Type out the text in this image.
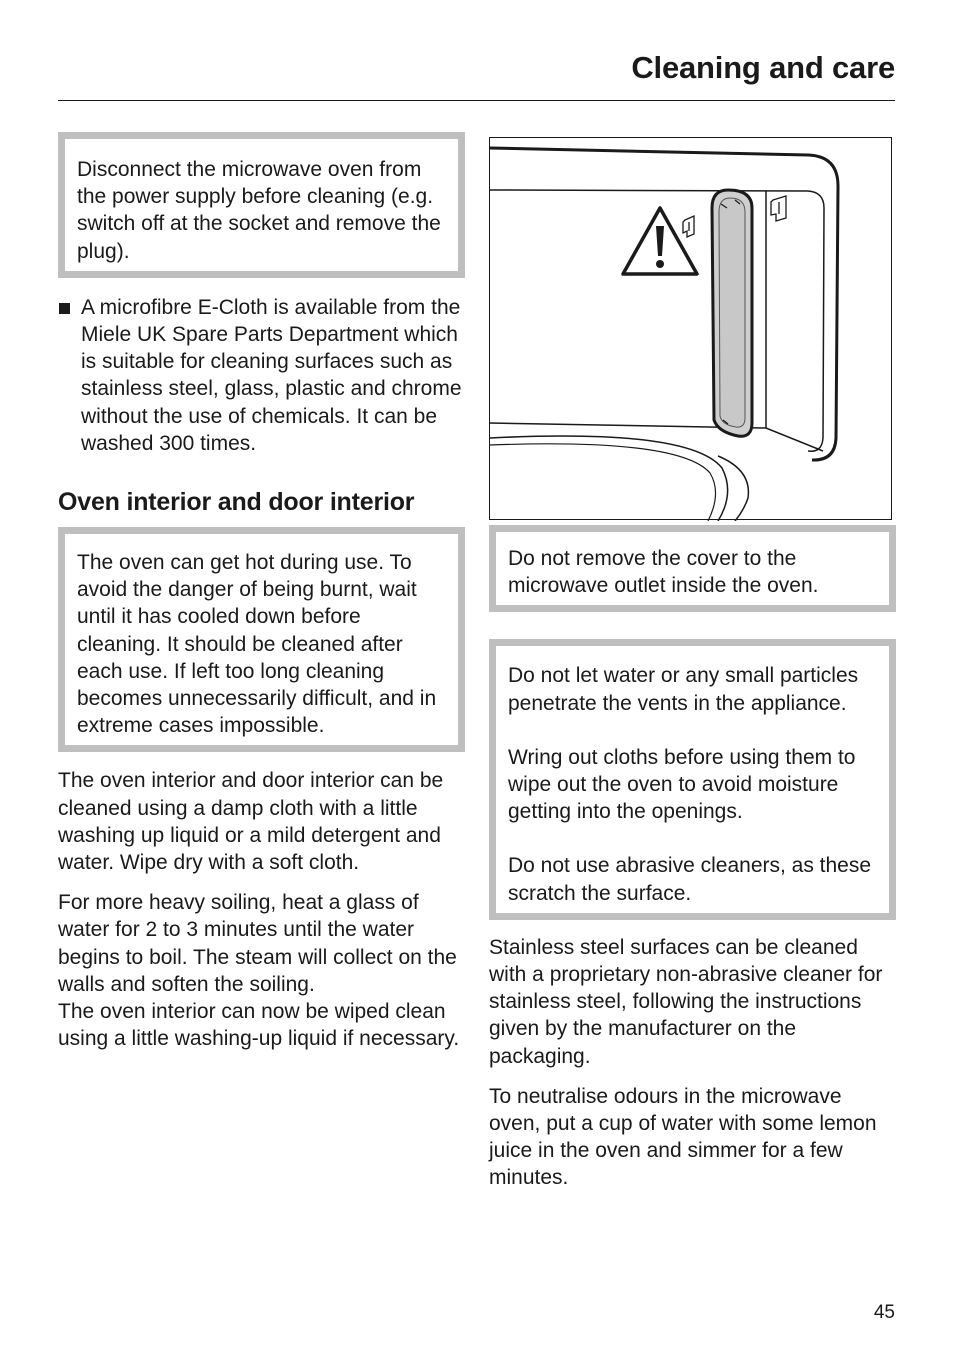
Cleaning and care

Disconnect the microwave oven from the power supply before cleaning (e.g. switch off at the socket and remove the plug).

A microfibre E-Cloth is available from the Miele UK Spare Parts Department which is suitable for cleaning surfaces such as stainless steel, glass, plastic and chrome without the use of chemicals. It can be washed 300 times.
Oven interior and door interior

The oven can get hot during use. To avoid the danger of being burnt, wait until it has cooled down before cleaning. It should be cleaned after each use. If left too long cleaning becomes unnecessarily difficult, and in extreme cases impossible.

The oven interior and door interior can be cleaned using a damp cloth with a little washing up liquid or a mild detergent and water. Wipe dry with a soft cloth.

For more heavy soiling, heat a glass of water for 2 to 3 minutes until the water begins to boil. The steam will collect on the walls and soften the soiling.
The oven interior can now be wiped clean using a little washing-up liquid if necessary.

Do not remove the cover to the microwave outlet inside the oven.

Do not let water or any small particles penetrate the vents in the appliance.

Wring out cloths before using them to wipe out the oven to avoid moisture getting into the openings.

Do not use abrasive cleaners, as these scratch the surface.

Stainless steel surfaces can be cleaned with a proprietary non-abrasive cleaner for stainless steel, following the instructions given by the manufacturer on the packaging.

To neutralise odours in the microwave oven, put a cup of water with some lemon juice in the oven and simmer for a few minutes.

45
